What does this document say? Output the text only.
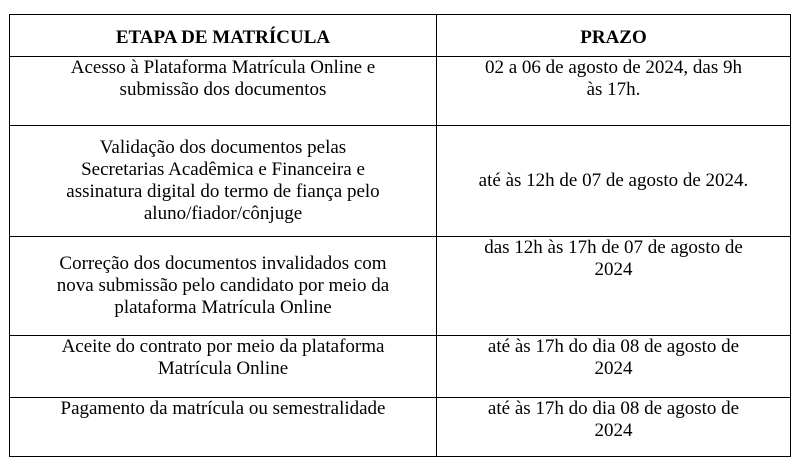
ETAPA DE MATRÍCULA	PRAZO

Acesso à Plataforma Matrícula Online e
submissão dos documentos	02 a 06 de agosto de 2024, das 9h
às 17h.

Validação dos documentos pelas
Secretarias Acadêmica e Financeira e
assinatura digital do termo de fiança pelo
aluno/fiador/cônjuge	até às 12h de 07 de agosto de 2024.

Correção dos documentos invalidados com
nova submissão pelo candidato por meio da
plataforma Matrícula Online	das 12h às 17h de 07 de agosto de
2024

Aceite do contrato por meio da plataforma
Matrícula Online	até às 17h do dia 08 de agosto de
2024

Pagamento da matrícula ou semestralidade	até às 17h do dia 08 de agosto de
2024
